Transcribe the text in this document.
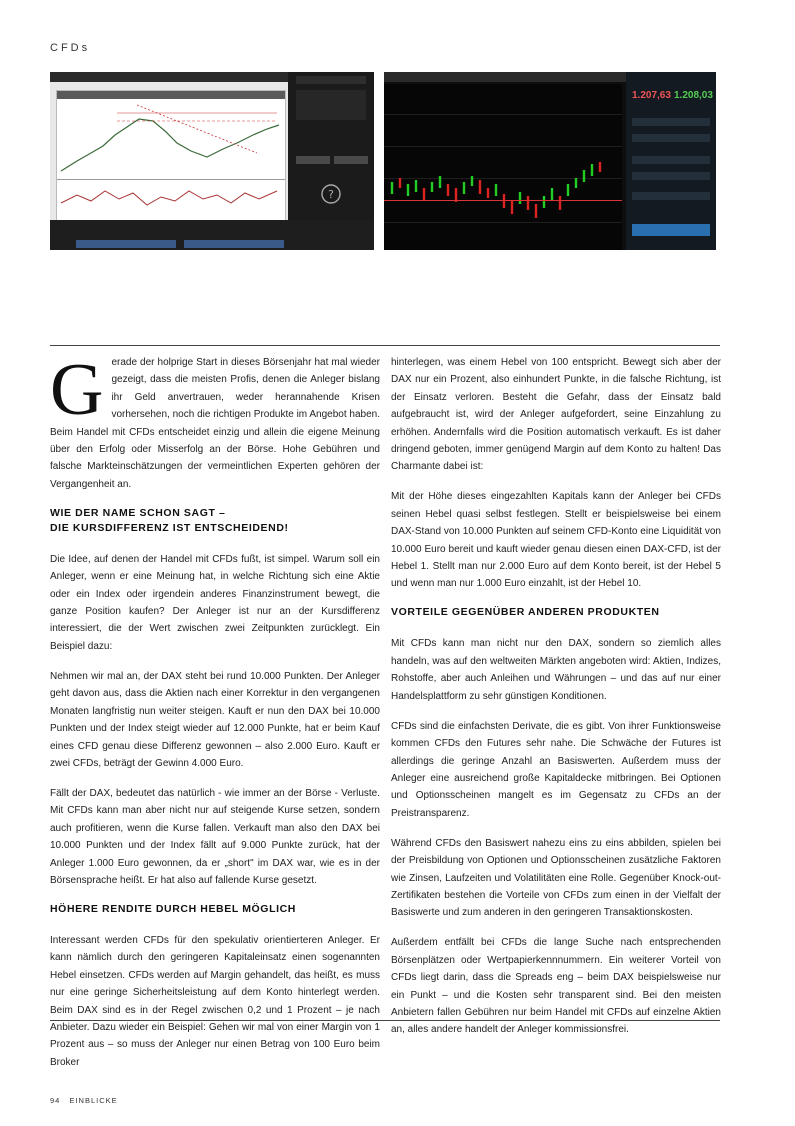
CFDs
?
1.207,63 1.208,03

Gerade der holprige Start in dieses Börsenjahr hat mal wieder gezeigt, dass die meisten Profis, denen die Anleger bislang ihr Geld anvertrauen, weder herannahende Krisen vorhersehen, noch die richtigen Produkte im Angebot haben. Beim Handel mit CFDs entscheidet einzig und allein die eigene Meinung über den Erfolg oder Misserfolg an der Börse. Hohe Gebühren und falsche Markteinschätzungen der vermeintlichen Experten gehören der Vergangenheit an.

WIE DER NAME SCHON SAGT –
DIE KURSDIFFERENZ IST ENTSCHEIDEND!

Die Idee, auf denen der Handel mit CFDs fußt, ist simpel. Warum soll ein Anleger, wenn er eine Meinung hat, in welche Richtung sich eine Aktie oder ein Index oder irgendein anderes Finanzinstrument bewegt, die ganze Position kaufen? Der Anleger ist nur an der Kursdifferenz interessiert, die der Wert zwischen zwei Zeitpunkten zurücklegt. Ein Beispiel dazu:

Nehmen wir mal an, der DAX steht bei rund 10.000 Punkten. Der Anleger geht davon aus, dass die Aktien nach einer Korrektur in den vergangenen Monaten langfristig nun weiter steigen. Kauft er nun den DAX bei 10.000 Punkten und der Index steigt wieder auf 12.000 Punkte, hat er beim Kauf eines CFD genau diese Differenz gewonnen – also 2.000 Euro. Kauft er zwei CFDs, beträgt der Gewinn 4.000 Euro.

Fällt der DAX, bedeutet das natürlich - wie immer an der Börse - Verluste. Mit CFDs kann man aber nicht nur auf steigende Kurse setzen, sondern auch profitieren, wenn die Kurse fallen. Verkauft man also den DAX bei 10.000 Punkten und der Index fällt auf 9.000 Punkte zurück, hat der Anleger 1.000 Euro gewonnen, da er „short" im DAX war, wie es in der Börsensprache heißt. Er hat also auf fallende Kurse gesetzt.

HÖHERE RENDITE DURCH HEBEL MÖGLICH

Interessant werden CFDs für den spekulativ orientierteren Anleger. Er kann nämlich durch den geringeren Kapitaleinsatz einen sogenannten Hebel einsetzen. CFDs werden auf Margin gehandelt, das heißt, es muss nur eine geringe Sicherheitsleistung auf dem Konto hinterlegt werden. Beim DAX sind es in der Regel zwischen 0,2 und 1 Prozent – je nach Anbieter. Dazu wieder ein Beispiel: Gehen wir mal von einer Margin von 1 Prozent aus – so muss der Anleger nur einen Betrag von 100 Euro beim Broker

hinterlegen, was einem Hebel von 100 entspricht. Bewegt sich aber der DAX nur ein Prozent, also einhundert Punkte, in die falsche Richtung, ist der Einsatz verloren. Besteht die Gefahr, dass der Einsatz bald aufgebraucht ist, wird der Anleger aufgefordert, seine Einzahlung zu erhöhen. Andernfalls wird die Position automatisch verkauft. Es ist daher dringend geboten, immer genügend Margin auf dem Konto zu halten! Das Charmante dabei ist:

Mit der Höhe dieses eingezahlten Kapitals kann der Anleger bei CFDs seinen Hebel quasi selbst festlegen. Stellt er beispielsweise bei einem DAX-Stand von 10.000 Punkten auf seinem CFD-Konto eine Liquidität von 10.000 Euro bereit und kauft wieder genau diesen einen DAX-CFD, ist der Hebel 1. Stellt man nur 2.000 Euro auf dem Konto bereit, ist der Hebel 5 und wenn man nur 1.000 Euro einzahlt, ist der Hebel 10.

VORTEILE GEGENÜBER ANDEREN PRODUKTEN

Mit CFDs kann man nicht nur den DAX, sondern so ziemlich alles handeln, was auf den weltweiten Märkten angeboten wird: Aktien, Indizes, Rohstoffe, aber auch Anleihen und Währungen – und das auf nur einer Handelsplattform zu sehr günstigen Konditionen.

CFDs sind die einfachsten Derivate, die es gibt. Von ihrer Funktionsweise kommen CFDs den Futures sehr nahe. Die Schwäche der Futures ist allerdings die geringe Anzahl an Basiswerten. Außerdem muss der Anleger eine ausreichend große Kapitaldecke mitbringen. Bei Optionen und Optionsscheinen mangelt es im Gegensatz zu CFDs an der Preistransparenz.

Während CFDs den Basiswert nahezu eins zu eins abbilden, spielen bei der Preisbildung von Optionen und Optionsscheinen zusätzliche Faktoren wie Zinsen, Laufzeiten und Volatilitäten eine Rolle. Gegenüber Knock-out-Zertifikaten bestehen die Vorteile von CFDs zum einen in der Vielfalt der Basiswerte und zum anderen in den geringeren Transaktionskosten.

Außerdem entfällt bei CFDs die lange Suche nach entsprechenden Börsenplätzen oder Wertpapierkennnummern. Ein weiterer Vorteil von CFDs liegt darin, dass die Spreads eng – beim DAX beispielsweise nur ein Punkt – und die Kosten sehr transparent sind. Bei den meisten Anbietern fallen Gebühren nur beim Handel mit CFDs auf einzelne Aktien an, alles andere handelt der Anleger kommissionsfrei.

94 EINBLICKE
